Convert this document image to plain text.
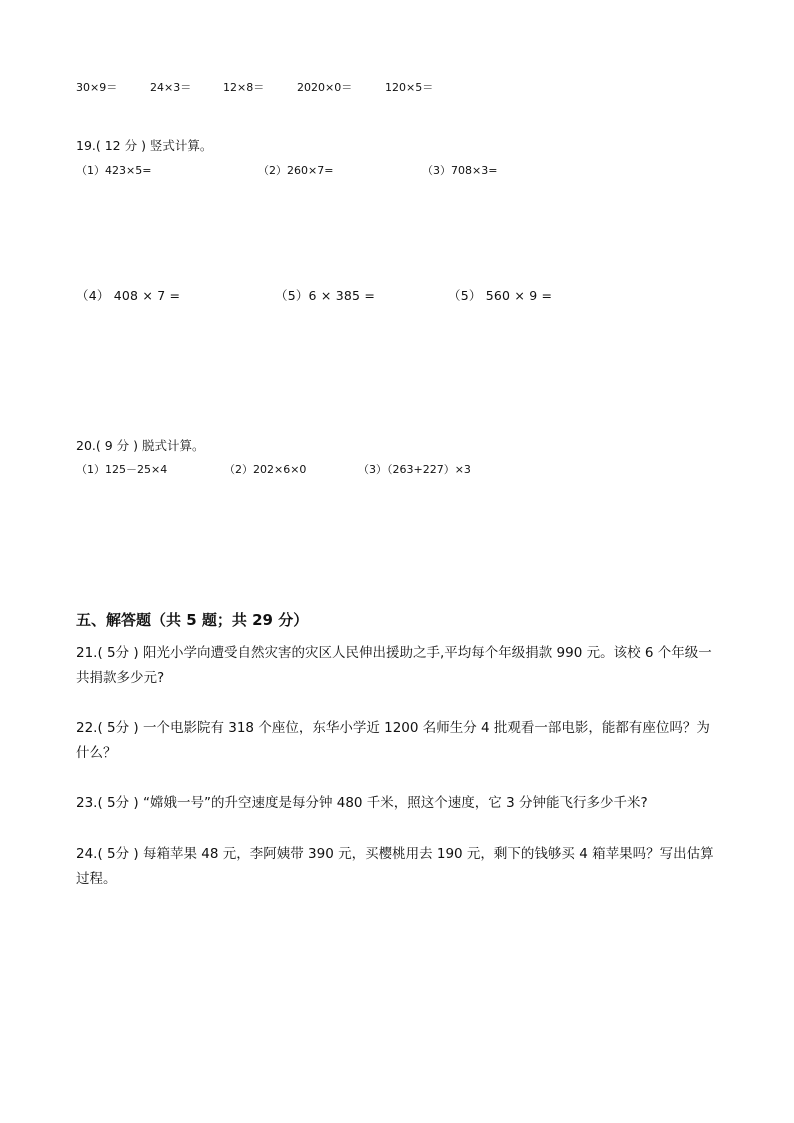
30×9＝	24×3＝	12×8＝	2020×0＝	120×5＝
19.( 12 分 ) 竖式计算。
（1）423×5=	（2）260×7=	（3）708×3=
（4） 408 × 7 =	（5）6 × 385 =	（5） 560 × 9 =
20.( 9 分 ) 脱式计算。
（1）125－25×4	（2）202×6×0	（3）（263+227）×3
五、解答题（共 5 题；共 29 分）
21.( 5分 ) 阳光小学向遭受自然灾害的灾区人民伸出援助之手,平均每个年级捐款 990 元。该校 6 个年级一共捐款多少元?
22.( 5分 ) 一个电影院有 318 个座位，东华小学近 1200 名师生分 4 批观看一部电影，能都有座位吗？为什么？
23.( 5分 ) “嫦娥一号”的升空速度是每分钟 480 千米，照这个速度，它 3 分钟能飞行多少千米?
24.( 5分 ) 每箱苹果 48 元，李阿姨带 390 元，买樱桃用去 190 元，剩下的钱够买 4 箱苹果吗？写出估算过程。
